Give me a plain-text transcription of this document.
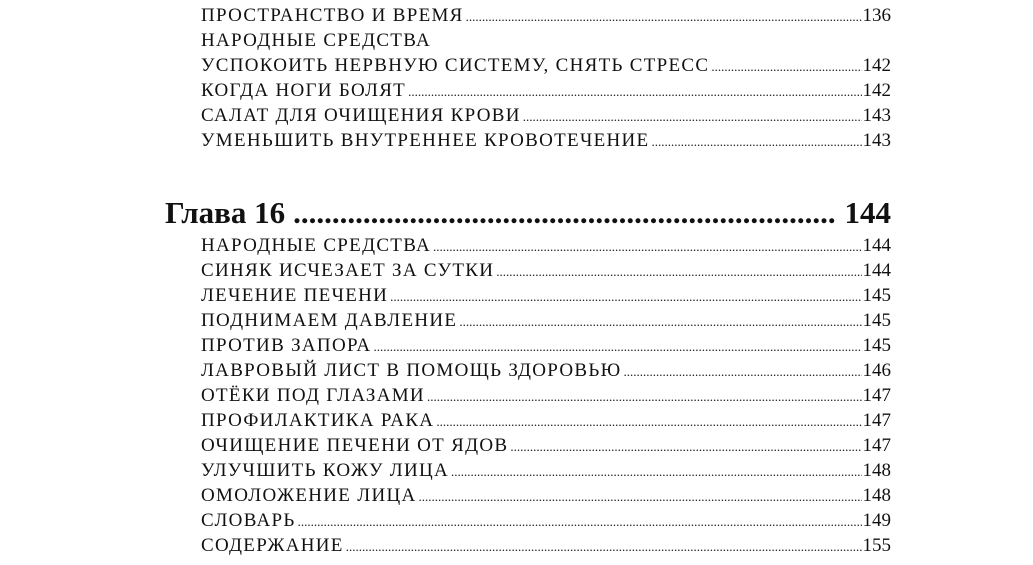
ПРОСТРАНСТВО И ВРЕМЯ .....	136
НАРОДНЫЕ СРЕДСТВА
УСПОКОИТЬ НЕРВНУЮ СИСТЕМУ, СНЯТЬ СТРЕСС .....	142
КОГДА НОГИ БОЛЯТ .....	142
САЛАТ ДЛЯ ОЧИЩЕНИЯ КРОВИ .....	143
УМЕНЬШИТЬ ВНУТРЕННЕЕ КРОВОТЕЧЕНИЕ .....	143
Глава 16 .....	144
НАРОДНЫЕ СРЕДСТВА .....	144
СИНЯК ИСЧЕЗАЕТ ЗА СУТКИ .....	144
ЛЕЧЕНИЕ ПЕЧЕНИ .....	145
ПОДНИМАЕМ ДАВЛЕНИЕ .....	145
ПРОТИВ ЗАПОРА .....	145
ЛАВРОВЫЙ ЛИСТ В ПОМОЩЬ ЗДОРОВЬЮ .....	146
ОТЁКИ ПОД ГЛАЗАМИ .....	147
ПРОФИЛАКТИКА РАКА .....	147
ОЧИЩЕНИЕ ПЕЧЕНИ ОТ ЯДОВ .....	147
УЛУЧШИТЬ КОЖУ ЛИЦА .....	148
ОМОЛОЖЕНИЕ ЛИЦА .....	148
СЛОВАРЬ .....	149
СОДЕРЖАНИЕ .....	155
